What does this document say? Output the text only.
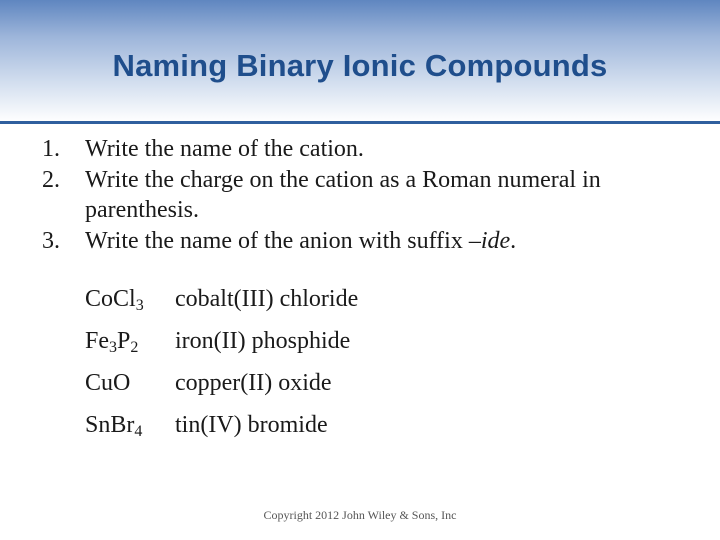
Naming Binary Ionic Compounds
1. Write the name of the cation.
2. Write the charge on the cation as a Roman numeral in parenthesis.
3. Write the name of the anion with suffix –ide.
CoCl$_3$ cobalt(III) chloride
$Fe_3P_2$ iron(II) phosphide
CuO copper(II) oxide
SnBr$_4$ tin(IV) bromide
Copyright 2012 John Wiley & Sons, Inc
